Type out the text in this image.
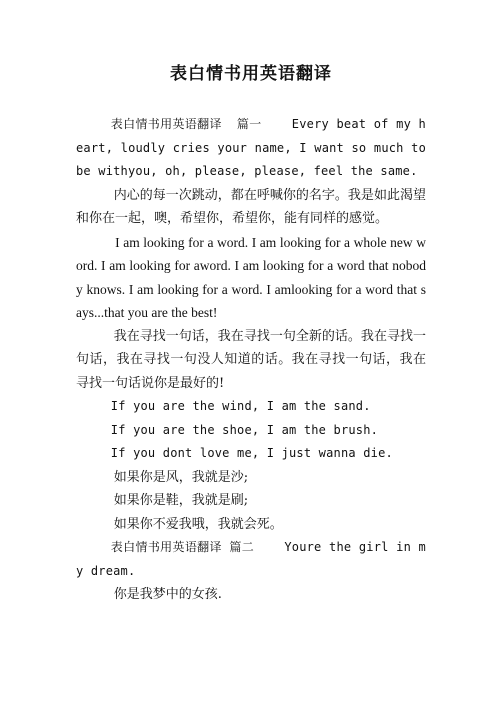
表白情书用英语翻译

表白情书用英语翻译  篇一    Every beat of my heart, loudly cries your name, I want so much to be withyou, oh, please, please, feel the same.

内心的每一次跳动，都在呼喊你的名字。我是如此渴望和你在一起，噢，希望你，希望你，能有同样的感觉。

I am looking for a word. I am looking for a whole new word. I am looking for aword. I am looking for a word that nobody knows. I am looking for a word. I amlooking for a word that says...that you are the best!

我在寻找一句话，我在寻找一句全新的话。我在寻找一句话，我在寻找一句没人知道的话。我在寻找一句话，我在寻找一句话说你是最好的!

If you are the wind, I am the sand.

If you are the shoe, I am the brush.

If you dont love me, I just wanna die.

如果你是风，我就是沙;

如果你是鞋，我就是刷;

如果你不爱我哦，我就会死。

表白情书用英语翻译 篇二    Youre the girl in my dream.

你是我梦中的女孩.
